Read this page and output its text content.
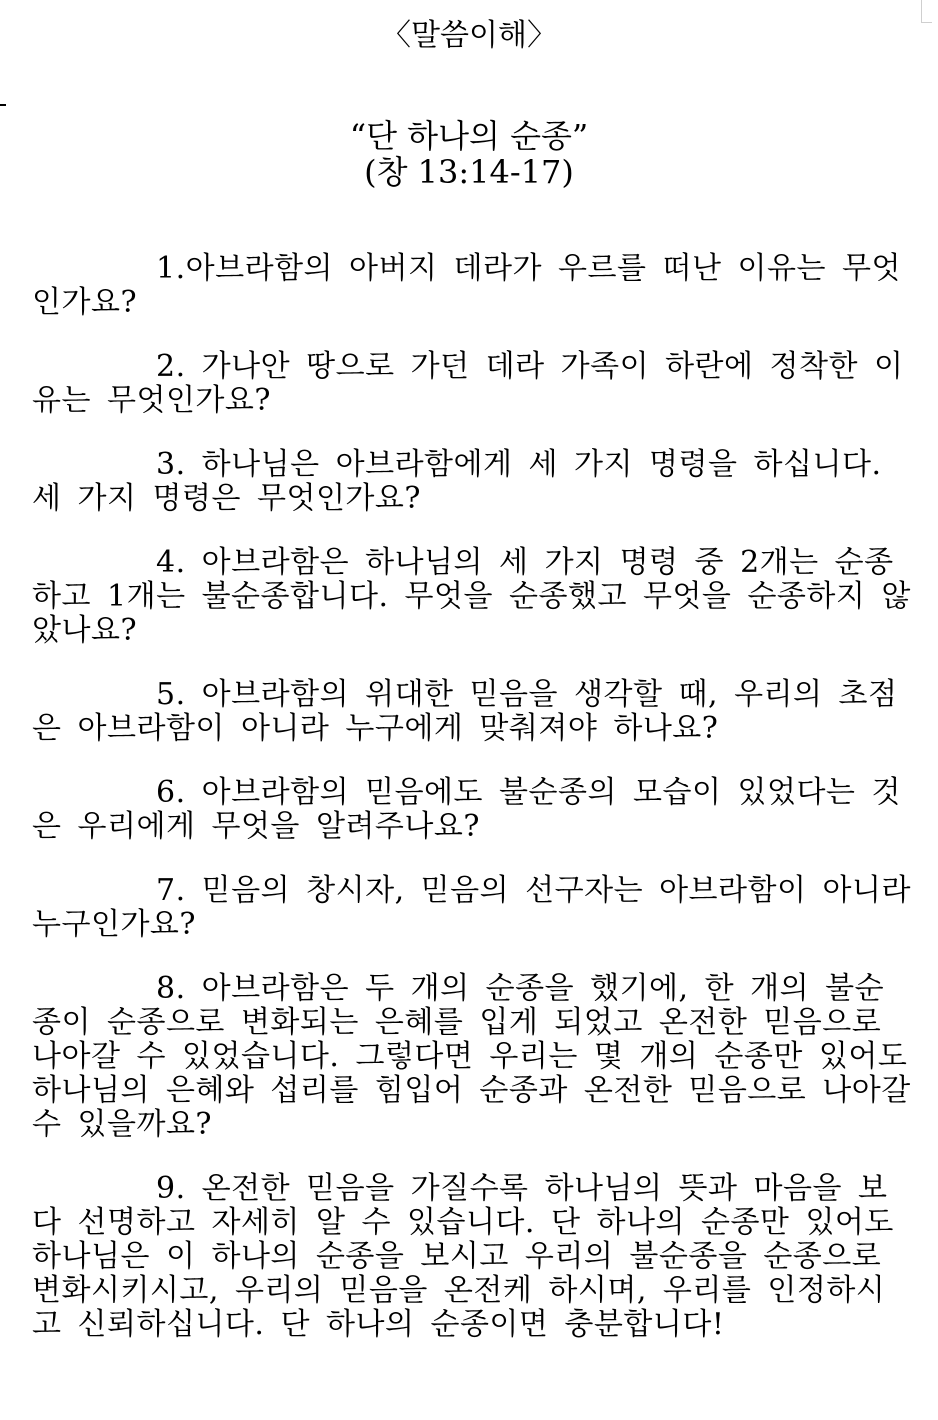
〈말씀이해〉
“단 하나의 순종”
(창 13:14-17)

1.아브라함의 아버지 데라가 우르를 떠난 이유는 무엇인가요?

2. 가나안 땅으로 가던 데라 가족이 하란에 정착한 이유는 무엇인가요?

3. 하나님은 아브라함에게 세 가지 명령을 하십니다. 세 가지 명령은 무엇인가요?

4. 아브라함은 하나님의 세 가지 명령 중 2개는 순종하고 1개는 불순종합니다. 무엇을 순종했고 무엇을 순종하지 않았나요?

5. 아브라함의 위대한 믿음을 생각할 때, 우리의 초점은 아브라함이 아니라 누구에게 맞춰져야 하나요?

6. 아브라함의 믿음에도 불순종의 모습이 있었다는 것은 우리에게 무엇을 알려주나요?

7. 믿음의 창시자, 믿음의 선구자는 아브라함이 아니라 누구인가요?

8. 아브라함은 두 개의 순종을 했기에, 한 개의 불순종이 순종으로 변화되는 은혜를 입게 되었고 온전한 믿음으로 나아갈 수 있었습니다. 그렇다면 우리는 몇 개의 순종만 있어도 하나님의 은혜와 섭리를 힘입어 순종과 온전한 믿음으로 나아갈 수 있을까요?

9. 온전한 믿음을 가질수록 하나님의 뜻과 마음을 보다 선명하고 자세히 알 수 있습니다. 단 하나의 순종만 있어도 하나님은 이 하나의 순종을 보시고 우리의 불순종을 순종으로 변화시키시고, 우리의 믿음을 온전케 하시며, 우리를 인정하시고 신뢰하십니다. 단 하나의 순종이면 충분합니다!
